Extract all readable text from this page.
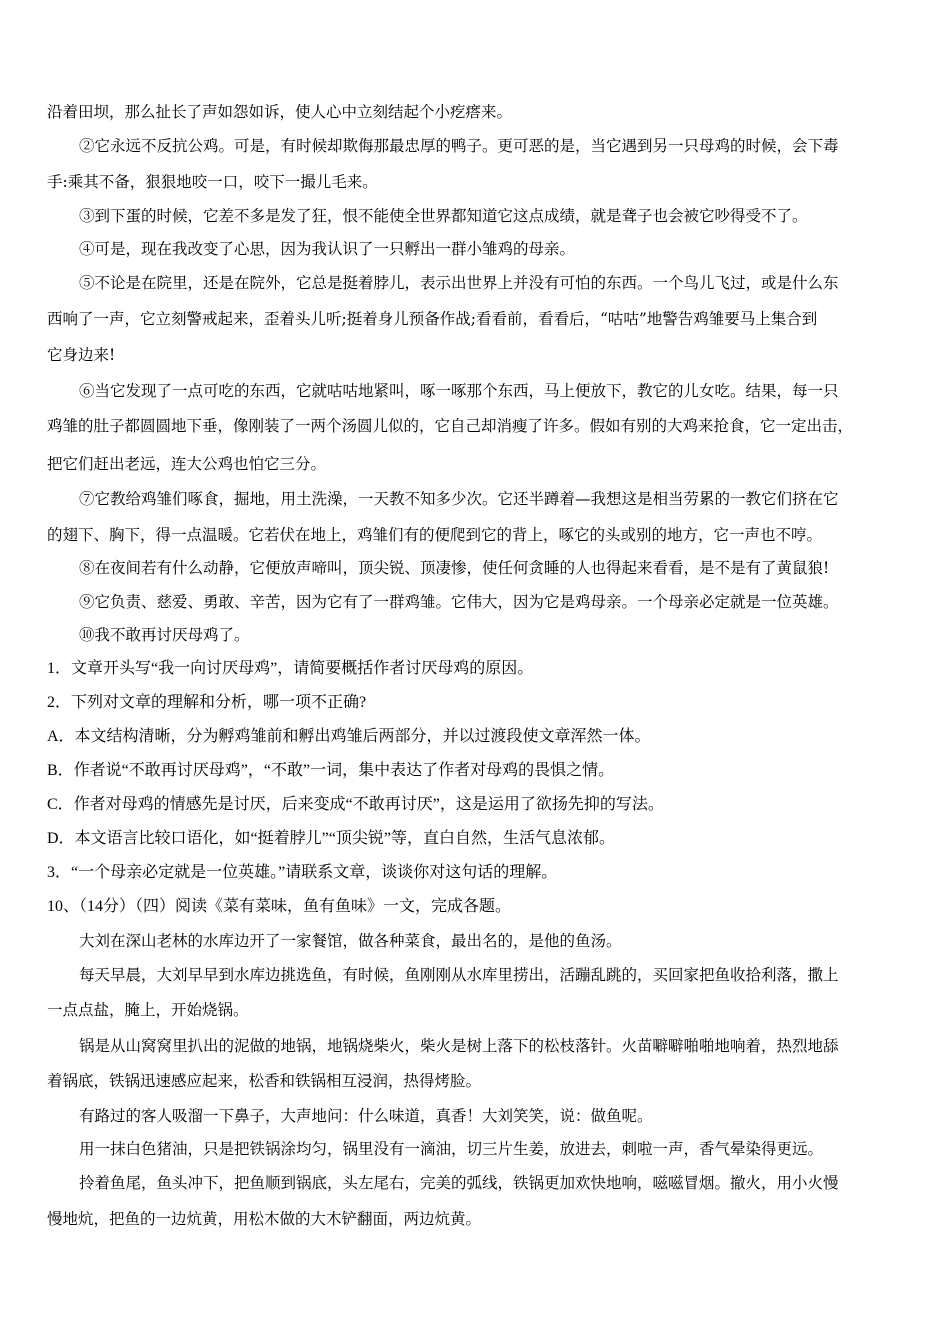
沿着田坝，那么扯长了声如怨如诉，使人心中立刻结起个小疙瘩来。
②它永远不反抗公鸡。可是，有时候却欺侮那最忠厚的鸭子。更可恶的是，当它遇到另一只母鸡的时候，会下毒
手:乘其不备，狠狠地咬一口，咬下一撮儿毛来。
③到下蛋的时候，它差不多是发了狂，恨不能使全世界都知道它这点成绩，就是聋子也会被它吵得受不了。
④可是，现在我改变了心思，因为我认识了一只孵出一群小雏鸡的母亲。
⑤不论是在院里，还是在院外，它总是挺着脖儿，表示出世界上并没有可怕的东西。一个鸟儿飞过，或是什么东
西响了一声，它立刻警戒起来，歪着头儿听;挺着身儿预备作战;看看前，看看后，“咕咕”地警告鸡雏要马上集合到
它身边来!
⑥当它发现了一点可吃的东西，它就咕咕地紧叫，啄一啄那个东西，马上便放下，教它的儿女吃。结果，每一只
鸡雏的肚子都圆圆地下垂，像刚装了一两个汤圆儿似的，它自己却消瘦了许多。假如有别的大鸡来抢食，它一定出击，
把它们赶出老远，连大公鸡也怕它三分。
⑦它教给鸡雏们啄食，掘地，用土洗澡，一天教不知多少次。它还半蹲着—我想这是相当劳累的一教它们挤在它
的翅下、胸下，得一点温暖。它若伏在地上，鸡雏们有的便爬到它的背上，啄它的头或别的地方，它一声也不哼。
⑧在夜间若有什么动静，它便放声啼叫，顶尖锐、顶凄惨，使任何贪睡的人也得起来看看，是不是有了黄鼠狼!
⑨它负责、慈爱、勇敢、辛苦，因为它有了一群鸡雏。它伟大，因为它是鸡母亲。一个母亲必定就是一位英雄。
⑩我不敢再讨厌母鸡了。
1．文章开头写“我一向讨厌母鸡”，请简要概括作者讨厌母鸡的原因。
2．下列对文章的理解和分析，哪一项不正确?
A．本文结构清晰，分为孵鸡雏前和孵出鸡雏后两部分，并以过渡段使文章浑然一体。
B．作者说“不敢再讨厌母鸡”，“不敢”一词，集中表达了作者对母鸡的畏惧之情。
C．作者对母鸡的情感先是讨厌，后来变成“不敢再讨厌”，这是运用了欲扬先抑的写法。
D．本文语言比较口语化，如“挺着脖儿”“顶尖锐”等，直白自然，生活气息浓郁。
3．“一个母亲必定就是一位英雄。”请联系文章，谈谈你对这句话的理解。
10、（14分）（四）阅读《菜有菜味，鱼有鱼味》一文，完成各题。
大刘在深山老林的水库边开了一家餐馆，做各种菜食，最出名的，是他的鱼汤。
每天早晨，大刘早早到水库边挑选鱼，有时候，鱼刚刚从水库里捞出，活蹦乱跳的，买回家把鱼收拾利落，撒上
一点点盐，腌上，开始烧锅。
锅是从山窝窝里扒出的泥做的地锅，地锅烧柴火，柴火是树上落下的松枝落针。火苗噼噼啪啪地响着，热烈地舔
着锅底，铁锅迅速感应起来，松香和铁锅相互浸润，热得烤脸。
有路过的客人吸溜一下鼻子，大声地问：什么味道，真香！大刘笑笑，说：做鱼呢。
用一抹白色猪油，只是把铁锅涂均匀，锅里没有一滴油，切三片生姜，放进去，刺啦一声，香气晕染得更远。
拎着鱼尾，鱼头冲下，把鱼顺到锅底，头左尾右，完美的弧线，铁锅更加欢快地响，嗞嗞冒烟。撤火，用小火慢
慢地炕，把鱼的一边炕黄，用松木做的大木铲翻面，两边炕黄。
